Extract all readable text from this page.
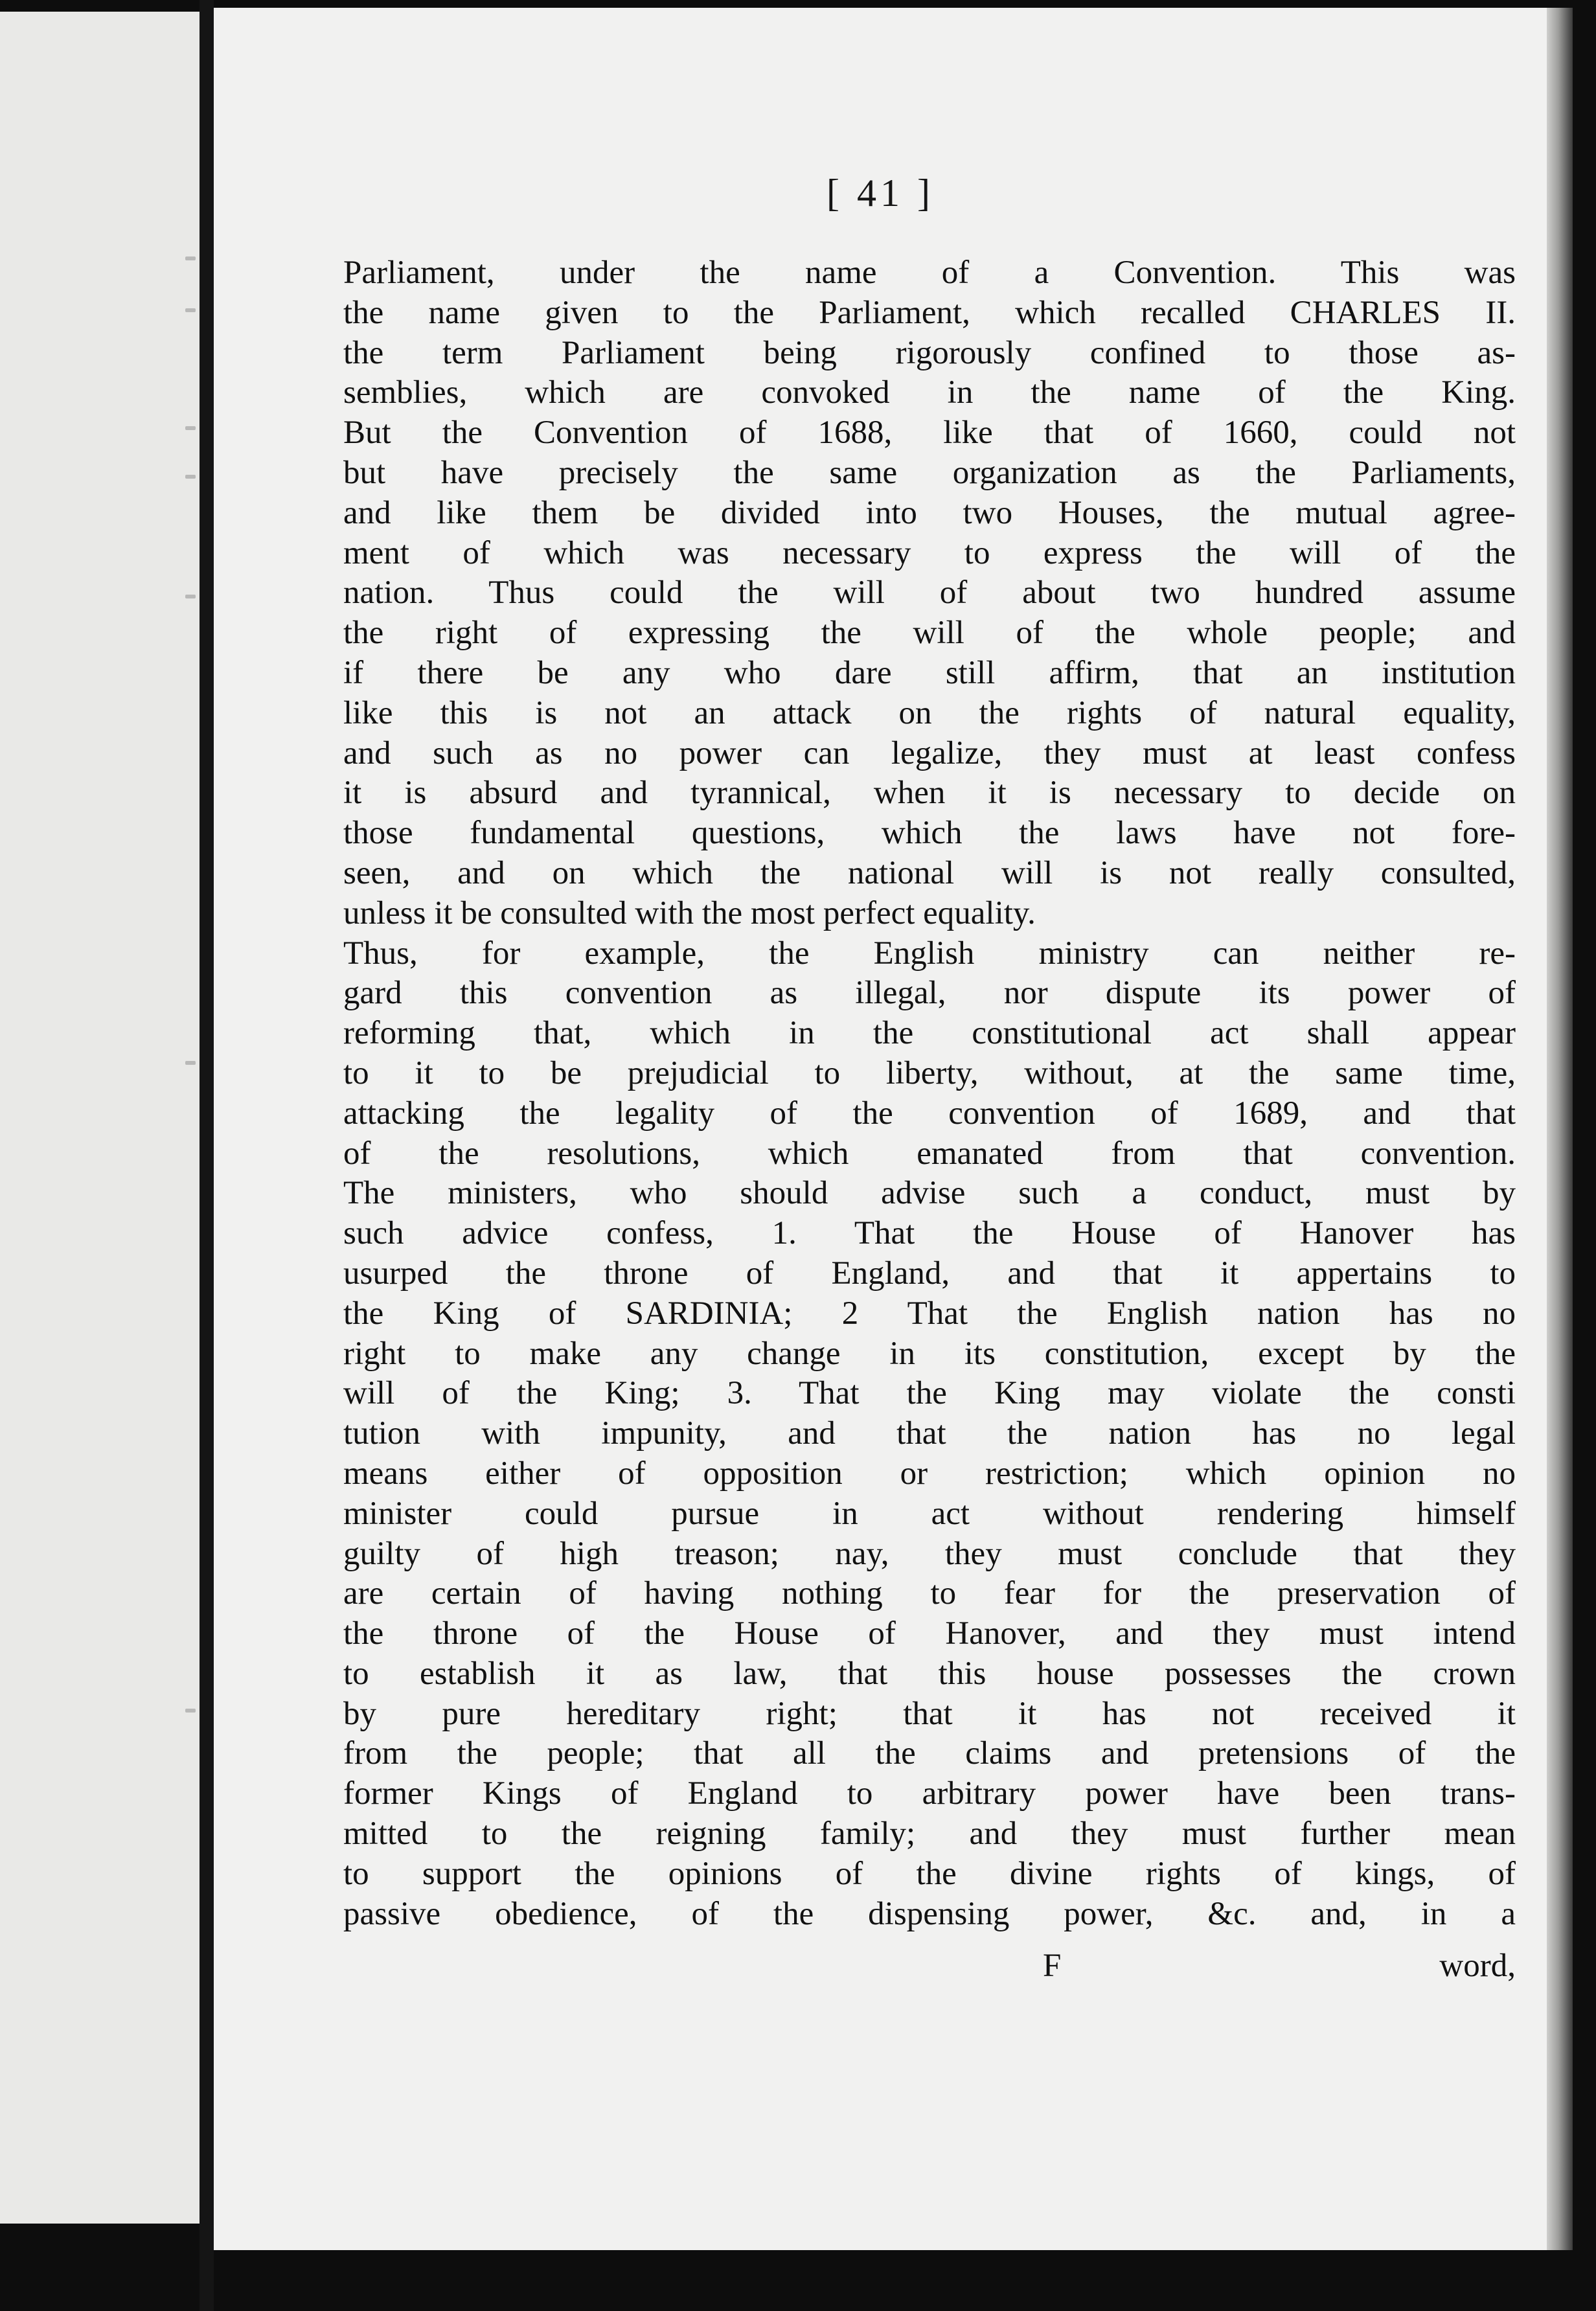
[ 41 ]
Parliament, under the name of a Convention. This was
the name given to the Parliament, which recalled CHARLES II.
the term Parliament being rigorously confined to those as-
semblies, which are convoked in the name of the King.
But the Convention of 1688, like that of 1660, could not
but have precisely the same organization as the Parliaments,
and like them be divided into two Houses, the mutual agree-
ment of which was necessary to express the will of the
nation. Thus could the will of about two hundred assume
the right of expressing the will of the whole people; and
if there be any who dare still affirm, that an institution
like this is not an attack on the rights of natural equality,
and such as no power can legalize, they must at least confess
it is absurd and tyrannical, when it is necessary to decide on
those fundamental questions, which the laws have not fore-
seen, and on which the national will is not really consulted,
unless it be consulted with the most perfect equality.
Thus, for example, the English ministry can neither re-
gard this convention as illegal, nor dispute its power of
reforming that, which in the constitutional act shall appear
to it to be prejudicial to liberty, without, at the same time,
attacking the legality of the convention of 1689, and that
of the resolutions, which emanated from that convention.
The ministers, who should advise such a conduct, must by
such advice confess, 1. That the House of Hanover has
usurped the throne of England, and that it appertains to
the King of SARDINIA; 2 That the English nation has no
right to make any change in its constitution, except by the
will of the King; 3. That the King may violate the consti
tution with impunity, and that the nation has no legal
means either of opposition or restriction; which opinion no
minister could pursue in act without rendering himself
guilty of high treason; nay, they must conclude that they
are certain of having nothing to fear for the preservation of
the throne of the House of Hanover, and they must intend
to establish it as law, that this house possesses the crown
by pure hereditary right; that it has not received it
from the people; that all the claims and pretensions of the
former Kings of England to arbitrary power have been trans-
mitted to the reigning family; and they must further mean
to support the opinions of the divine rights of kings, of
passive obedience, of the dispensing power, &c. and, in a
F	word,
